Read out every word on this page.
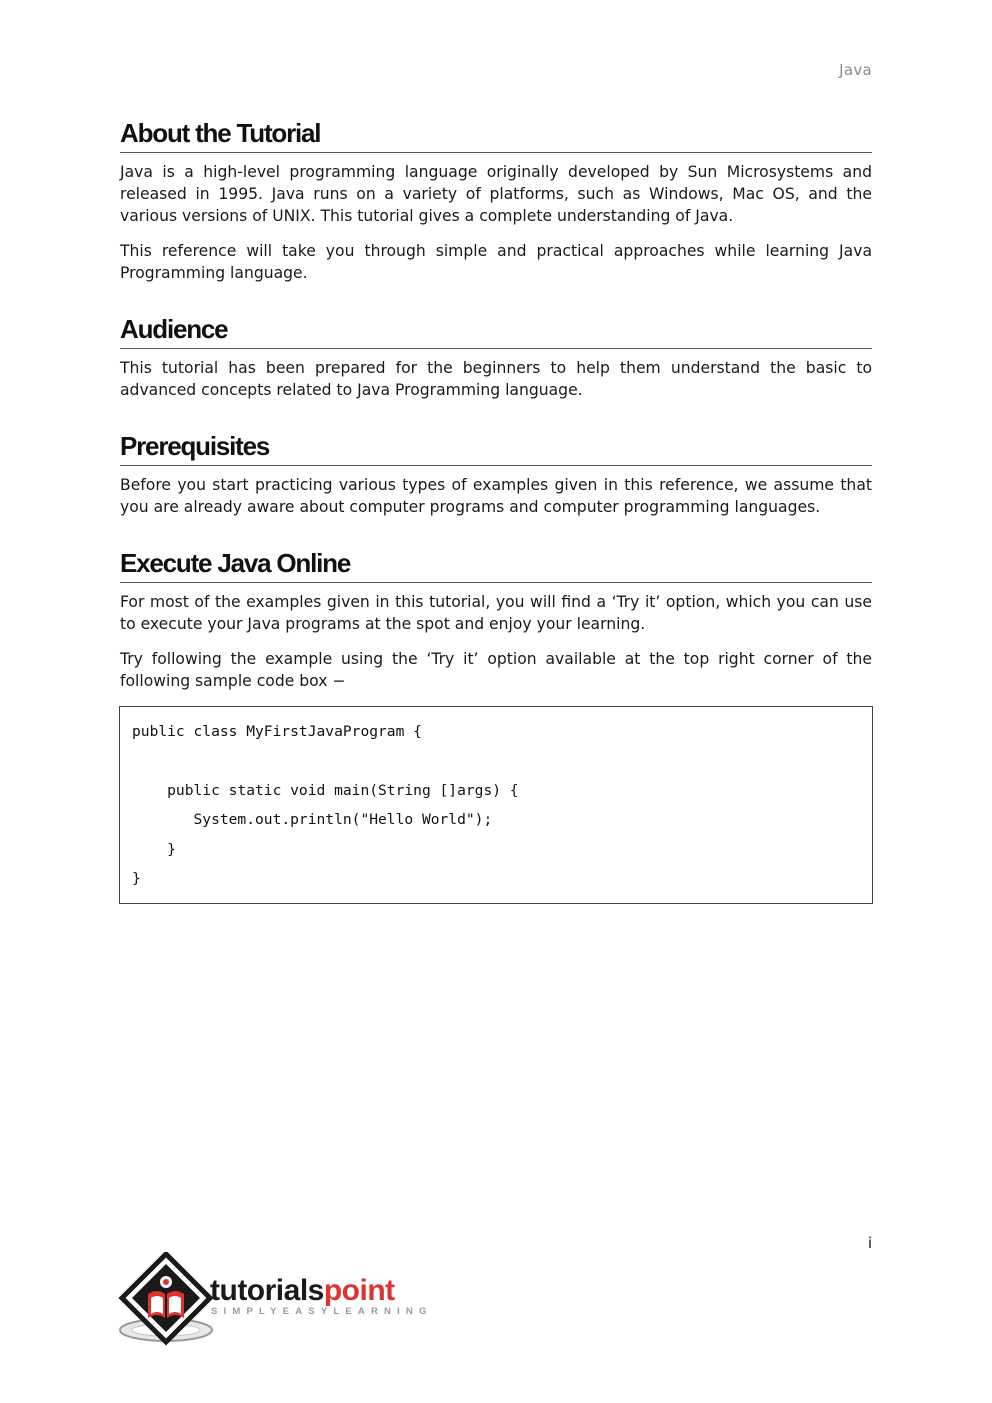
Java
About the Tutorial

Java is a high-level programming language originally developed by Sun Microsystems and released in 1995. Java runs on a variety of platforms, such as Windows, Mac OS, and the various versions of UNIX. This tutorial gives a complete understanding of Java.

This reference will take you through simple and practical approaches while learning Java Programming language.

Audience

This tutorial has been prepared for the beginners to help them understand the basic to advanced concepts related to Java Programming language.

Prerequisites

Before you start practicing various types of examples given in this reference, we assume that you are already aware about computer programs and computer programming languages.

Execute Java Online

For most of the examples given in this tutorial, you will find a ‘Try it’ option, which you can use to execute your Java programs at the spot and enjoy your learning.

Try following the example using the ‘Try it’ option available at the top right corner of the following sample code box −

public class MyFirstJavaProgram {
public static void main(String []args) {
System.out.println("Hello World");
}
}
i
tutorialspoint
SIMPLYEASYLEARNING
